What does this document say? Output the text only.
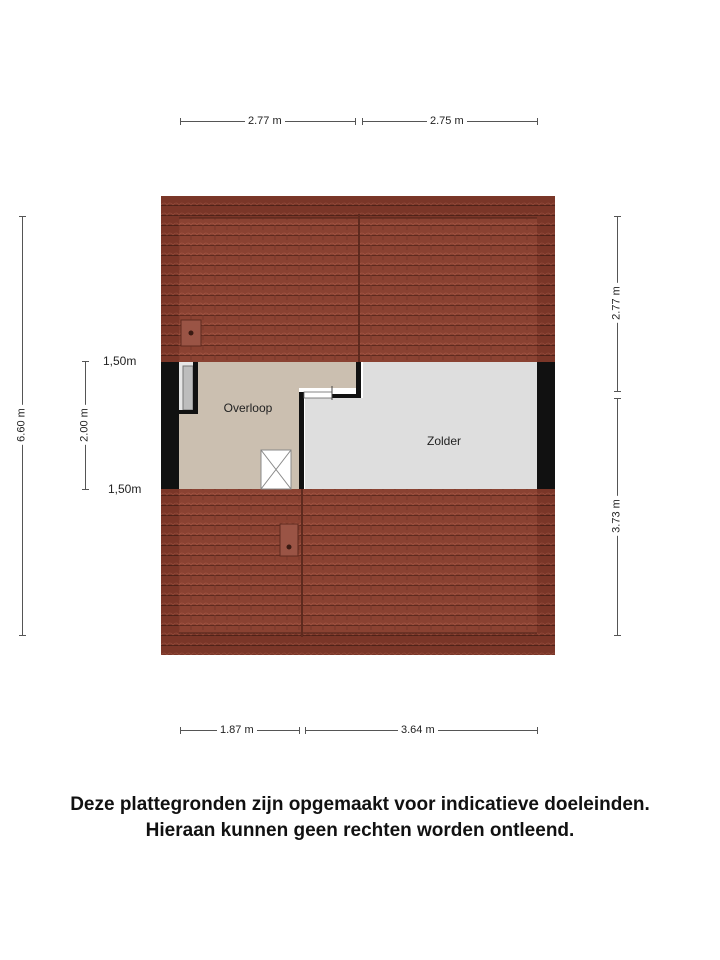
2.77 m	2.75 m
1.87 m	3.64 m
6.60 m	2.00 m
1,50m
1,50m
2.77 m
3.73 m
Overloop
Zolder
Deze plattegronden zijn opgemaakt voor indicatieve doeleinden.
Hieraan kunnen geen rechten worden ontleend.
